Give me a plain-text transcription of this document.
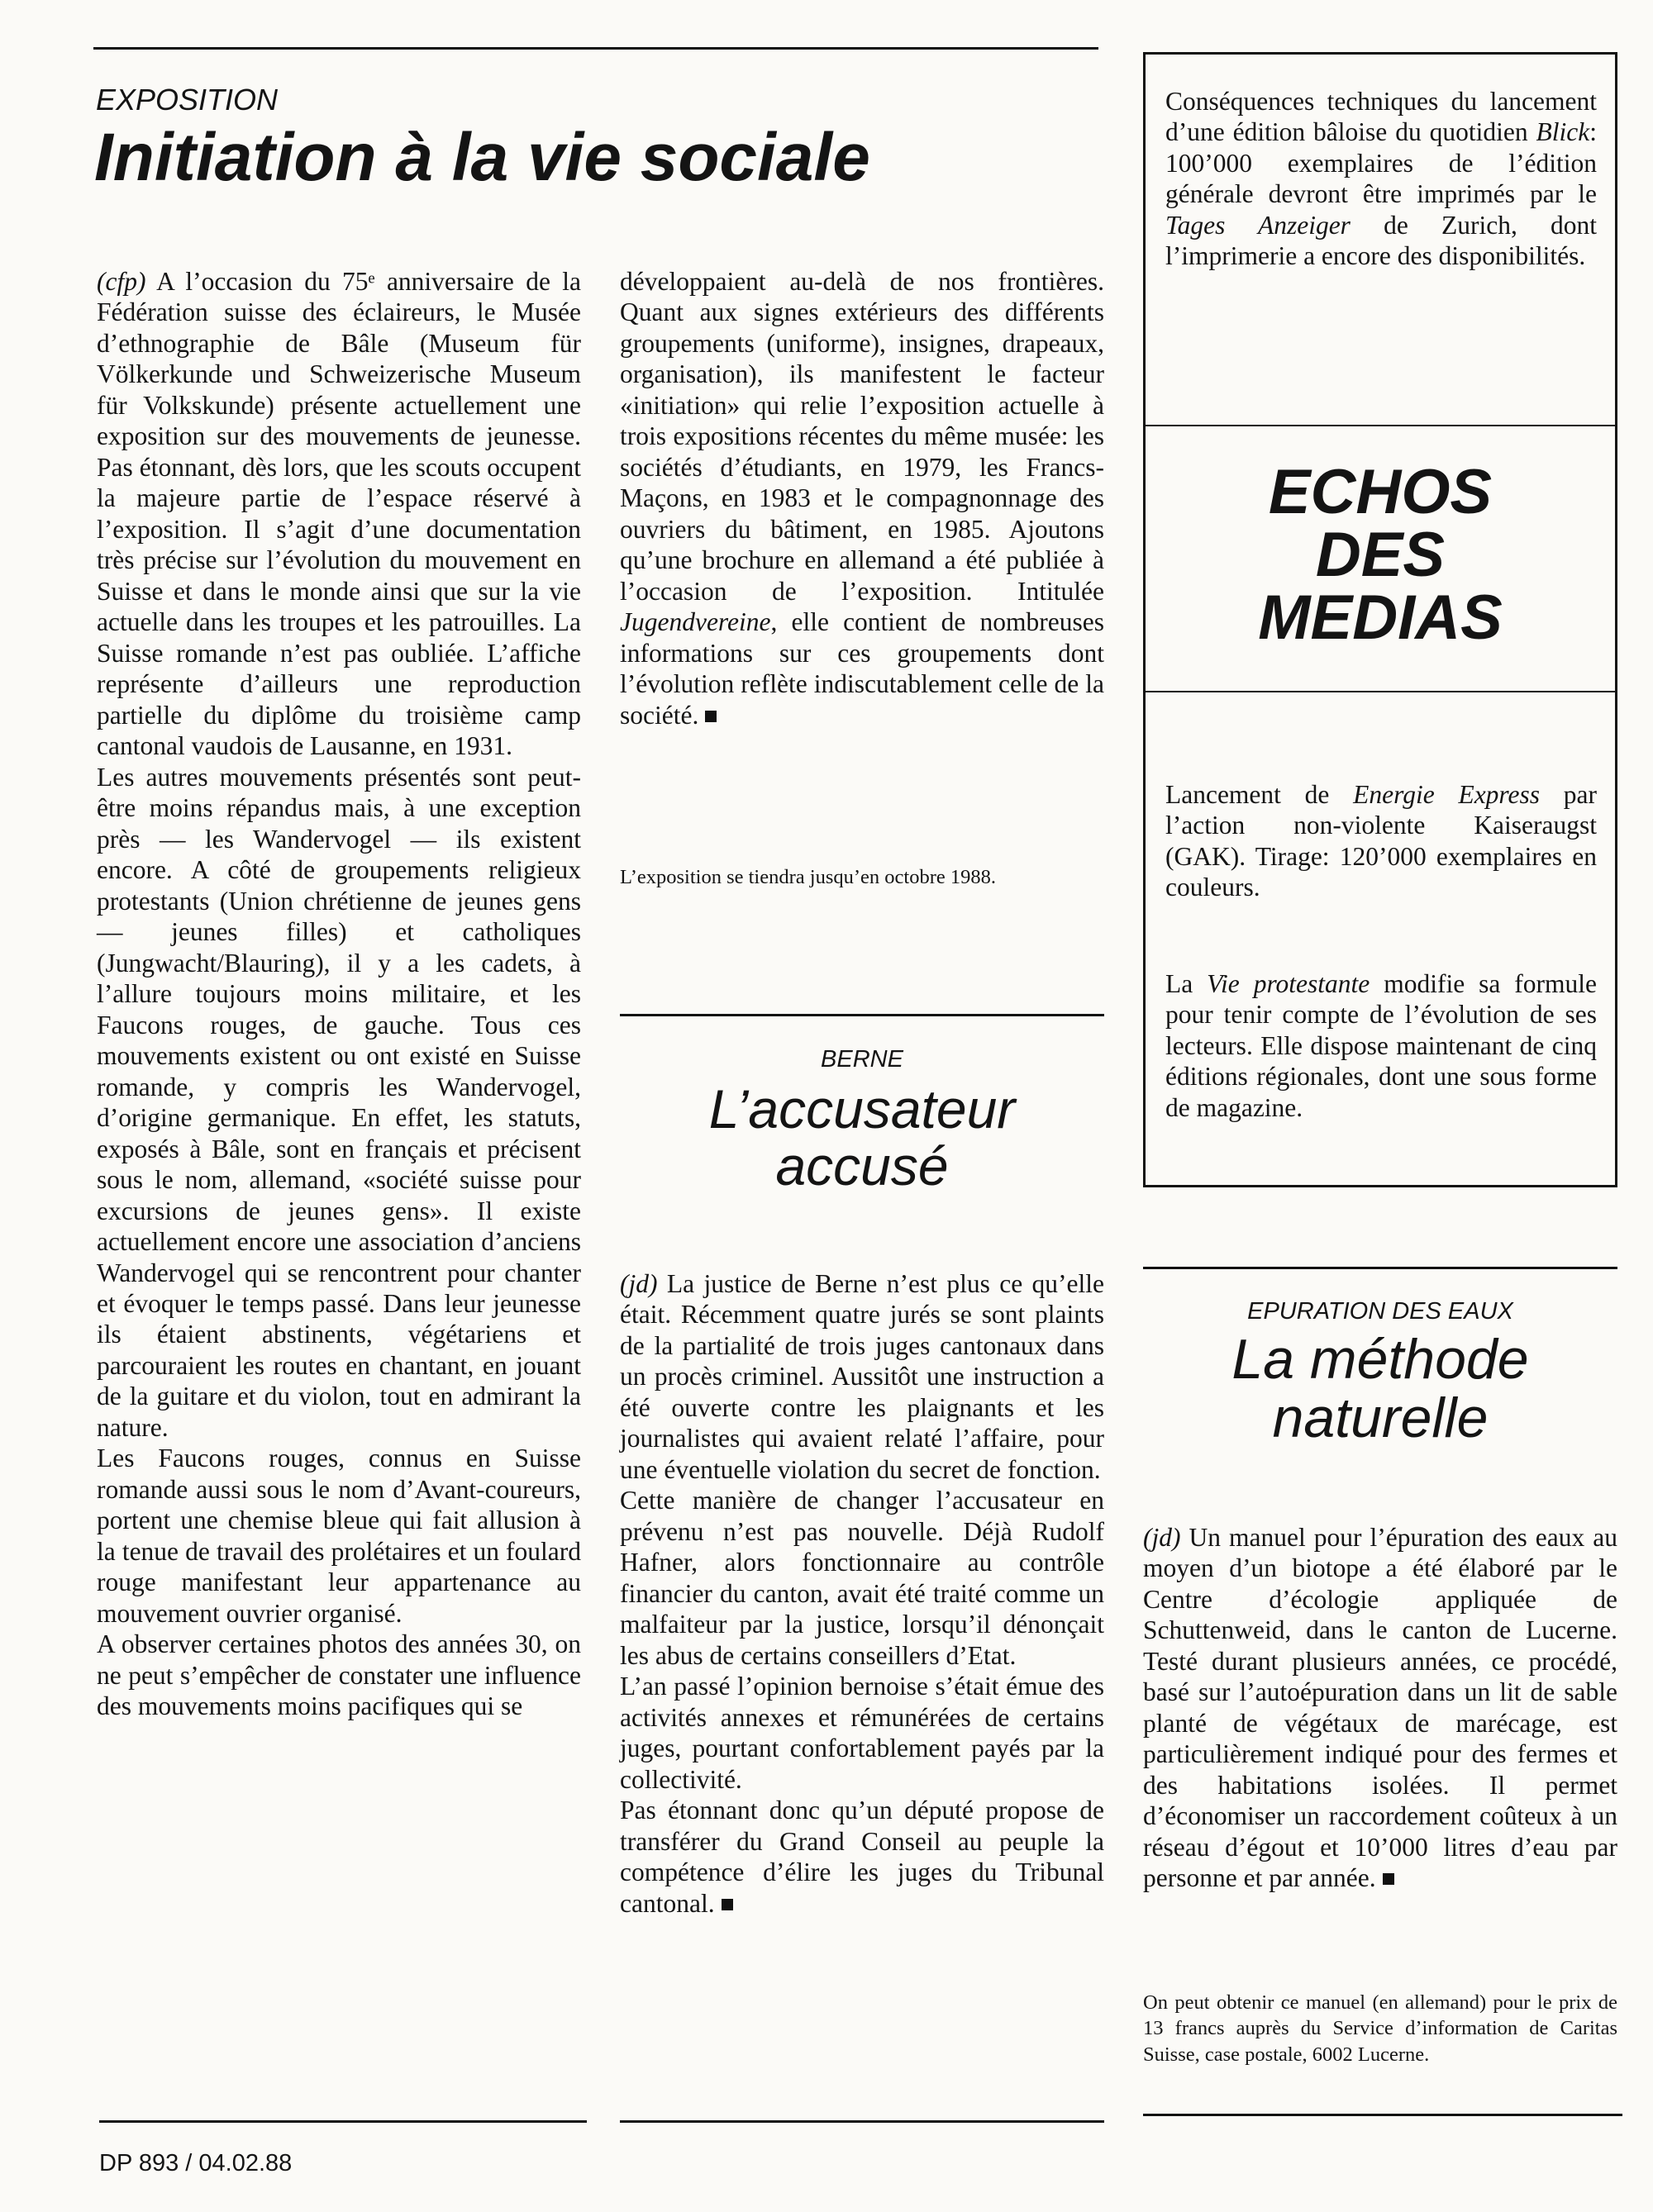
EXPOSITION

Initiation à la vie sociale

(cfp) A l’occasion du 75ᵉ anniversaire de la Fédération suisse des éclaireurs, le Musée d’ethnographie de Bâle (Museum für Völkerkunde und Schweizerische Museum für Volkskunde) présente actuellement une exposition sur des mouvements de jeunesse. Pas étonnant, dès lors, que les scouts occupent la majeure partie de l’espace réservé à l’exposition. Il s’agit d’une documentation très précise sur l’évolution du mouvement en Suisse et dans le monde ainsi que sur la vie actuelle dans les troupes et les patrouilles. La Suisse romande n’est pas oubliée. L’affiche représente d’ailleurs une reproduction partielle du diplôme du troisième camp cantonal vaudois de Lausanne, en 1931.

Les autres mouvements présentés sont peut-être moins répandus mais, à une exception près — les Wandervogel — ils existent encore. A côté de groupements religieux protestants (Union chrétienne de jeunes gens — jeunes filles) et catholiques (Jungwacht/Blauring), il y a les cadets, à l’allure toujours moins militaire, et les Faucons rouges, de gauche. Tous ces mouvements existent ou ont existé en Suisse romande, y compris les Wandervogel, d’origine germanique. En effet, les statuts, exposés à Bâle, sont en français et précisent sous le nom, allemand, «société suisse pour excursions de jeunes gens». Il existe actuellement encore une association d’anciens Wandervogel qui se rencontrent pour chanter et évoquer le temps passé. Dans leur jeunesse ils étaient abstinents, végétariens et parcouraient les routes en chantant, en jouant de la guitare et du violon, tout en admirant la nature.

Les Faucons rouges, connus en Suisse romande aussi sous le nom d’Avant-coureurs, portent une chemise bleue qui fait allusion à la tenue de travail des prolétaires et un foulard rouge manifestant leur appartenance au mouvement ouvrier organisé.

A observer certaines photos des années 30, on ne peut s’empêcher de constater une influence des mouvements moins pacifiques qui se

développaient au-delà de nos frontières. Quant aux signes extérieurs des différents groupements (uniforme), insignes, drapeaux, organisation), ils manifestent le facteur «initiation» qui relie l’exposition actuelle à trois expositions récentes du même musée: les sociétés d’étudiants, en 1979, les Francs-Maçons, en 1983 et le compagnonnage des ouvriers du bâtiment, en 1985. Ajoutons qu’une brochure en allemand a été publiée à l’occasion de l’exposition. Intitulée Jugendvereine, elle contient de nombreuses informations sur ces groupements dont l’évolution reflète indiscutablement celle de la société.

L’exposition se tiendra jusqu’en octobre 1988.

BERNE

L’accusateur

accusé

(jd) La justice de Berne n’est plus ce qu’elle était. Récemment quatre jurés se sont plaints de la partialité de trois juges cantonaux dans un procès criminel. Aussitôt une instruction a été ouverte contre les plaignants et les journalistes qui avaient relaté l’affaire, pour une éventuelle violation du secret de fonction.

Cette manière de changer l’accusateur en prévenu n’est pas nouvelle. Déjà Rudolf Hafner, alors fonctionnaire au contrôle financier du canton, avait été traité comme un malfaiteur par la justice, lorsqu’il dénonçait les abus de certains conseillers d’Etat.

L’an passé l’opinion bernoise s’était émue des activités annexes et rémunérées de certains juges, pourtant confortablement payés par la collectivité.

Pas étonnant donc qu’un député propose de transférer du Grand Conseil au peuple la compétence d’élire les juges du Tribunal cantonal.

Conséquences techniques du lancement d’une édition bâloise du quotidien Blick: 100’000 exemplaires de l’édition générale devront être imprimés par le Tages Anzeiger de Zurich, dont l’imprimerie a encore des disponibilités.

ECHOS

DES

MEDIAS

Lancement de Energie Express par l’action non-violente Kaiseraugst (GAK). Tirage: 120’000 exemplaires en couleurs.

La Vie protestante modifie sa formule pour tenir compte de l’évolution de ses lecteurs. Elle dispose maintenant de cinq éditions régionales, dont une sous forme de magazine.

EPURATION DES EAUX

La méthode

naturelle

(jd) Un manuel pour l’épuration des eaux au moyen d’un biotope a été élaboré par le Centre d’écologie appliquée de Schuttenweid, dans le canton de Lucerne. Testé durant plusieurs années, ce procédé, basé sur l’autoépuration dans un lit de sable planté de végétaux de marécage, est particulièrement indiqué pour des fermes et des habitations isolées. Il permet d’économiser un raccordement coûteux à un réseau d’égout et 10’000 litres d’eau par personne et par année.

On peut obtenir ce manuel (en allemand) pour le prix de 13 francs auprès du Service d’information de Caritas Suisse, case postale, 6002 Lucerne.

DP 893 / 04.02.88
